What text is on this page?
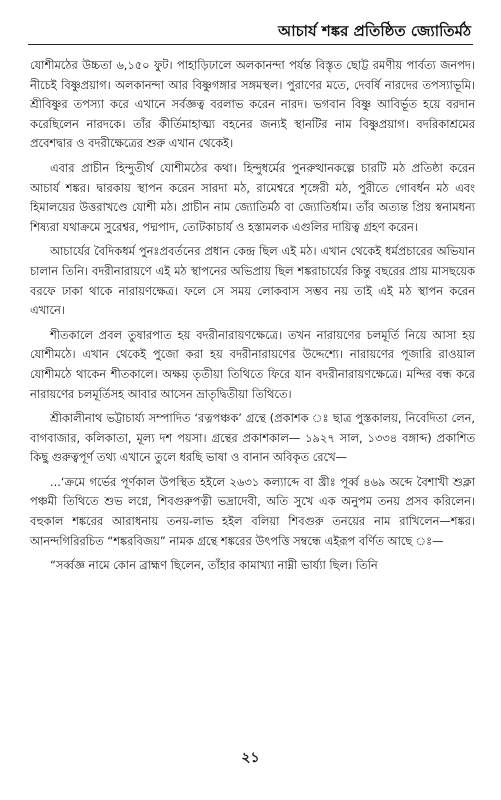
আচার্য শঙ্কর প্রতিষ্ঠিত জ্যোতির্মঠ

যোশীমঠের উচ্চতা ৬,১৫০ ফুট। পাহাড়িঢালে অলকানন্দা পর্যন্ত বিস্তৃত ছোট্ট রমণীয় পার্বত্য জনপদ। নীচেই বিষ্ণুপ্রয়াগ। অলকানন্দা আর বিষ্ণুগঙ্গার সঙ্গমস্থল। পুরাণের মতে, দেবর্ষি নারদের তপস্যাভূমি। শ্রীবিষ্ণুর তপস্যা করে এখানে সর্বজ্ঞত্ব বরলাভ করেন নারদ। ভগবান বিষ্ণু আবির্ভূত হয়ে বরদান করেছিলেন নারদকে। তাঁর কীর্তিমাহাত্ম্য বহনের জন্যই স্থানটির নাম বিষ্ণুপ্রয়াগ। বদরিকাশ্রমের প্রবেশদ্বার ও বদরীক্ষেত্রের শুরু এখান থেকেই।

এবার প্রাচীন হিন্দুতীর্থ যোশীমঠের কথা। হিন্দুধর্মের পুনরুত্থানকল্পে চারটি মঠ প্রতিষ্ঠা করেন আচার্য শঙ্কর। দ্বারকায় স্থাপন করেন সারদা মঠ, রামেশ্বরে শৃঙ্গেরী মঠ, পুরীতে গোবর্ধন মঠ এবং হিমালয়ের উত্তরাখণ্ডে যোশী মঠ। প্রাচীন নাম জ্যোতির্মঠ বা জ্যোতির্ধাম। তাঁর অত্যন্ত প্রিয় স্বনামধন্য শিষ্যরা যথাক্রমে সুরেশ্বর, পদ্মপাদ, তোটকাচার্য ও হস্তামলক এগুলির দায়িত্ব গ্রহণ করেন।

আচার্যের বৈদিকধর্ম পুনঃপ্রবর্তনের প্রধান কেন্দ্র ছিল এই মঠ। এখান থেকেই ধর্মপ্রচারের অভিযান চালান তিনি। বদরীনারায়ণে এই মঠ স্থাপনের অভিপ্রায় ছিল শঙ্করাচার্যের কিন্তু বছরের প্রায় মাসছয়েক বরফে ঢাকা থাকে নারায়ণক্ষেত্র। ফলে সে সময় লোকবাস সম্ভব নয় তাই এই মঠ স্থাপন করেন এখানে।

শীতকালে প্রবল তুষারপাত হয় বদরীনারায়ণক্ষেত্রে। তখন নারায়ণের চলমূর্তি নিয়ে আসা হয় যোশীমঠে। এখান থেকেই পুজো করা হয় বদরীনারায়ণের উদ্দেশ্যে। নারায়ণের পূজারি রাওয়াল যোশীমঠে থাকেন শীতকালে। অক্ষয় তৃতীয়া তিথিতে ফিরে যান বদরীনারায়ণক্ষেত্রে। মন্দির বন্ধ করে নারায়ণের চলমূর্তিসহ আবার আসেন ভ্রাতৃদ্বিতীয়া তিথিতে।

শ্রীকালীনাথ ভট্টাচার্য্য সম্পাদিত ‘রত্নপঞ্চক’ গ্রন্থে (প্রকাশক ঃ ছাত্র পুস্তকালয়, নিবেদিতা লেন, বাগবাজার, কলিকাতা, মূল্য দশ পয়সা। গ্রন্থের প্রকাশকাল— ১৯২৭ সাল, ১৩৩৪ বঙ্গাব্দ) প্রকাশিত কিছু গুরুত্বপূর্ণ তথ্য এখানে তুলে ধরছি ভাষা ও বানান অবিকৃত রেখে—

...‘ক্রমে গর্ভের পূর্ণকাল উপস্থিত হইলে ২৬৩১ কল্যাব্দে বা খ্রীঃ পূর্ব্ব ৪৬৯ অব্দে বৈশাখী শুক্লা পঞ্চমী তিথিতে শুভ লগ্নে, শিবগুরুপত্নী ভদ্রাদেবী, অতি সুখে এক অনুপম তনয় প্রসব করিলেন। বহুকাল শঙ্করের আরাধনায় তনয়-লাভ হইল বলিয়া শিবগুরু তনয়ের নাম রাখিলেন—শঙ্কর। আনন্দগিরিরচিত “শঙ্করবিজয়” নামক গ্রন্থে শঙ্করের উৎপত্তি সম্বন্ধে এইরূপ বর্ণিত আছে ঃ—

“সর্ব্বজ্ঞ নামে কোন ব্রাহ্মণ ছিলেন, তাঁহার কামাখ্যা নাম্নী ভার্য্যা ছিল। তিনি

২১
